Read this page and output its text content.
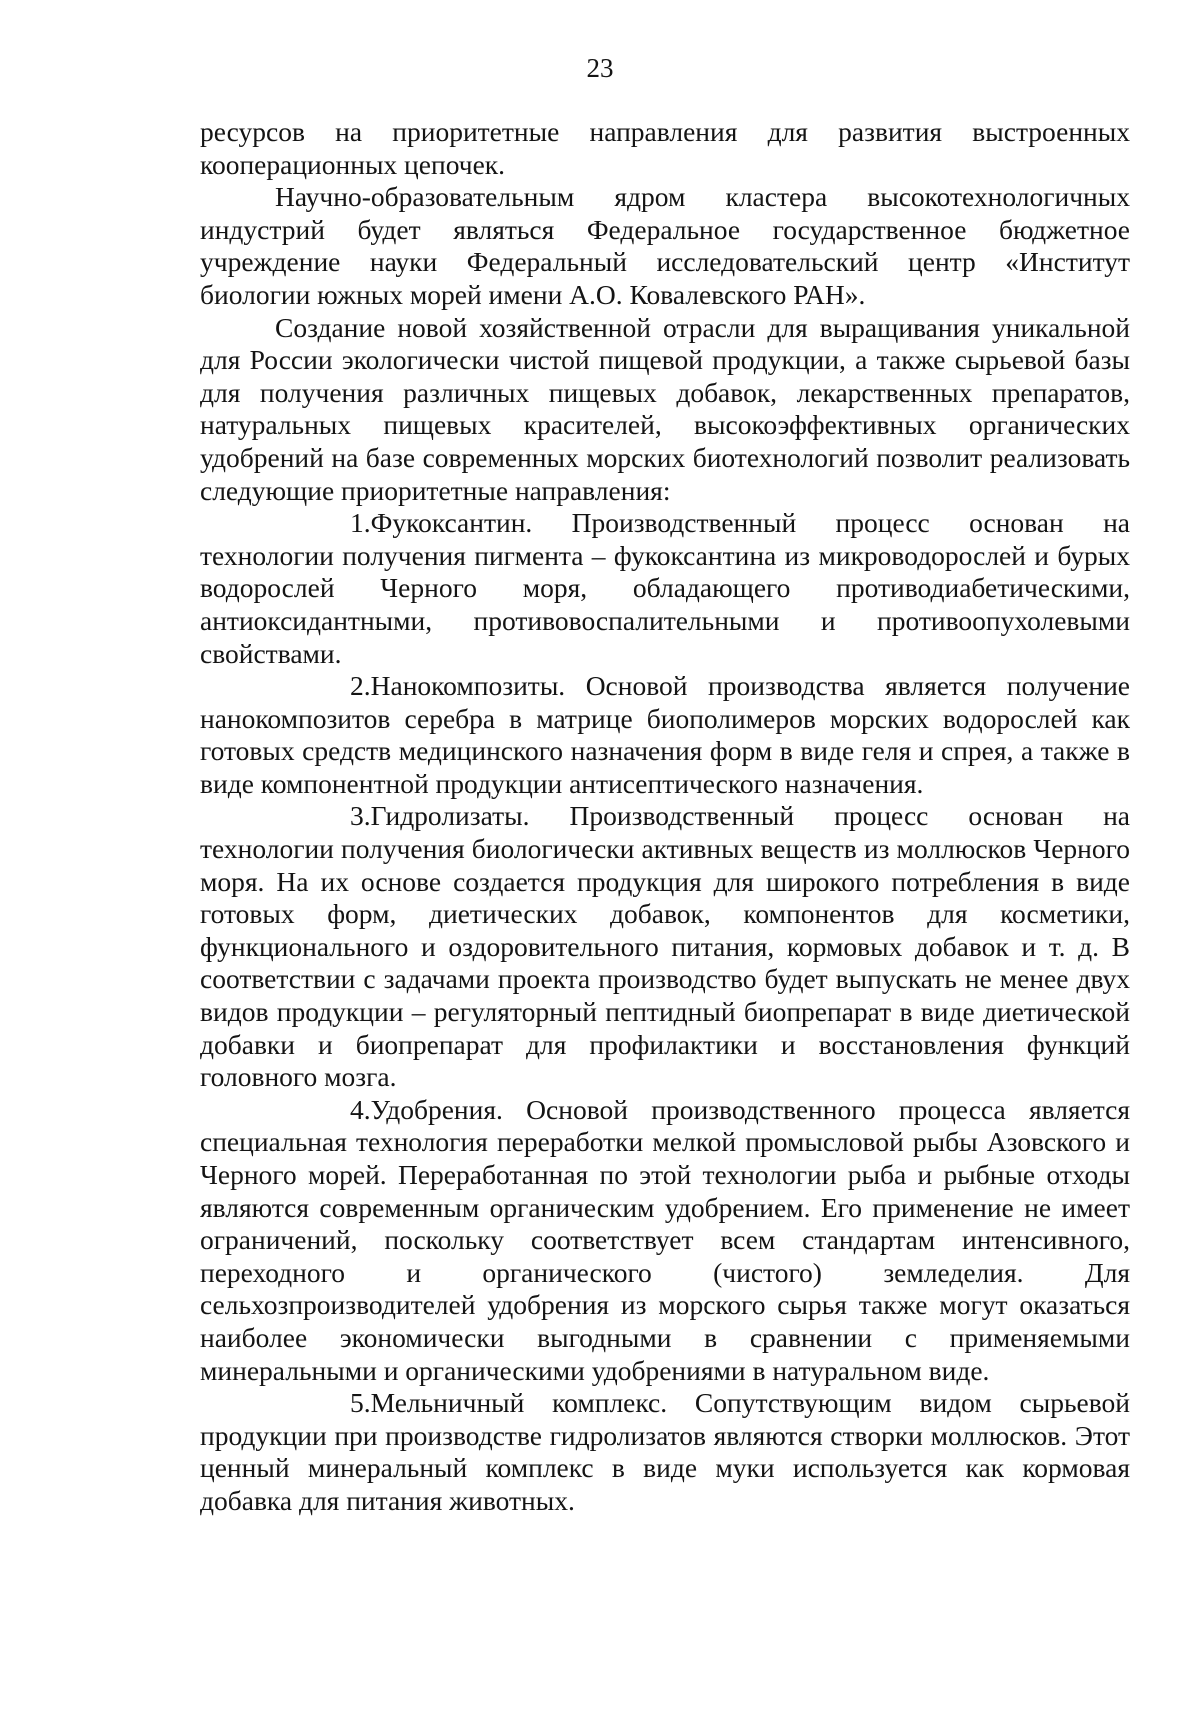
23

ресурсов на приоритетные направления для развития выстроенных кооперационных цепочек.

Научно-образовательным ядром кластера высокотехнологичных индустрий будет являться Федеральное государственное бюджетное учреждение науки Федеральный исследовательский центр «Институт биологии южных морей имени А.О. Ковалевского РАН».

Создание новой хозяйственной отрасли для выращивания уникальной для России экологически чистой пищевой продукции, а также сырьевой базы для получения различных пищевых добавок, лекарственных препаратов, натуральных пищевых красителей, высокоэффективных органических удобрений на базе современных морских биотехнологий позволит реализовать следующие приоритетные направления:

1.Фукоксантин. Производственный процесс основан на технологии получения пигмента – фукоксантина из микроводорослей и бурых водорослей Черного моря, обладающего противодиабетическими, антиоксидантными, противовоспалительными и противоопухолевыми свойствами.

2.Нанокомпозиты. Основой производства является получение нанокомпозитов серебра в матрице биополимеров морских водорослей как готовых средств медицинского назначения форм в виде геля и спрея, а также в виде компонентной продукции антисептического назначения.

3.Гидролизаты. Производственный процесс основан на технологии получения биологически активных веществ из моллюсков Черного моря. На их основе создается продукция для широкого потребления в виде готовых форм, диетических добавок, компонентов для косметики, функционального и оздоровительного питания, кормовых добавок и т. д. В соответствии с задачами проекта производство будет выпускать не менее двух видов продукции – регуляторный пептидный биопрепарат в виде диетической добавки и биопрепарат для профилактики и восстановления функций головного мозга.

4.Удобрения. Основой производственного процесса является специальная технология переработки мелкой промысловой рыбы Азовского и Черного морей. Переработанная по этой технологии рыба и рыбные отходы являются современным органическим удобрением. Его применение не имеет ограничений, поскольку соответствует всем стандартам интенсивного, переходного и органического (чистого) земледелия. Для сельхозпроизводителей удобрения из морского сырья также могут оказаться наиболее экономически выгодными в сравнении с применяемыми минеральными и органическими удобрениями в натуральном виде.

5.Мельничный комплекс. Сопутствующим видом сырьевой продукции при производстве гидролизатов являются створки моллюсков. Этот ценный минеральный комплекс в виде муки используется как кормовая добавка для питания животных.
